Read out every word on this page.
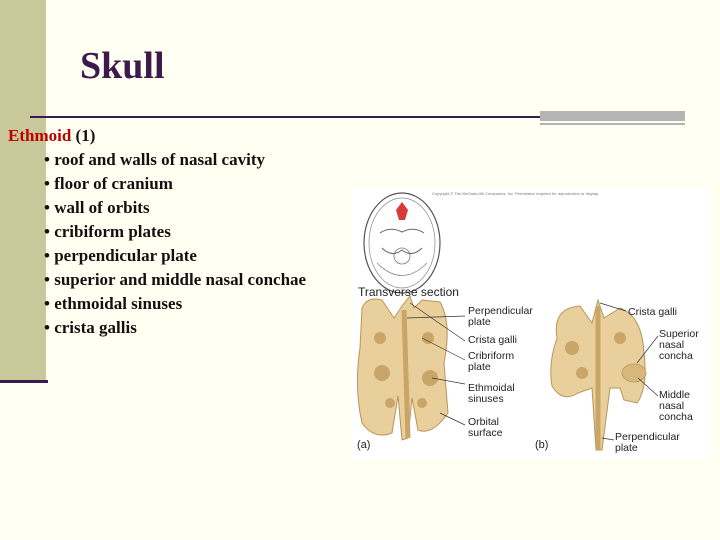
Skull
Ethmoid (1)
• roof and walls of nasal cavity
• floor of cranium
• wall of orbits
• cribiform plates
• perpendicular plate
• superior and middle nasal conchae
• ethmoidal sinuses
• crista gallis
Copyright © The McGraw-Hill Companies, Inc. Permission required for reproduction or display.
Transverse section
Perpendicular plate
Crista galli
Cribriform plate
Ethmoidal sinuses
Orbital surface
Crista galli
Superior nasal concha
Middle nasal concha
Perpendicular plate
(a)	(b)
